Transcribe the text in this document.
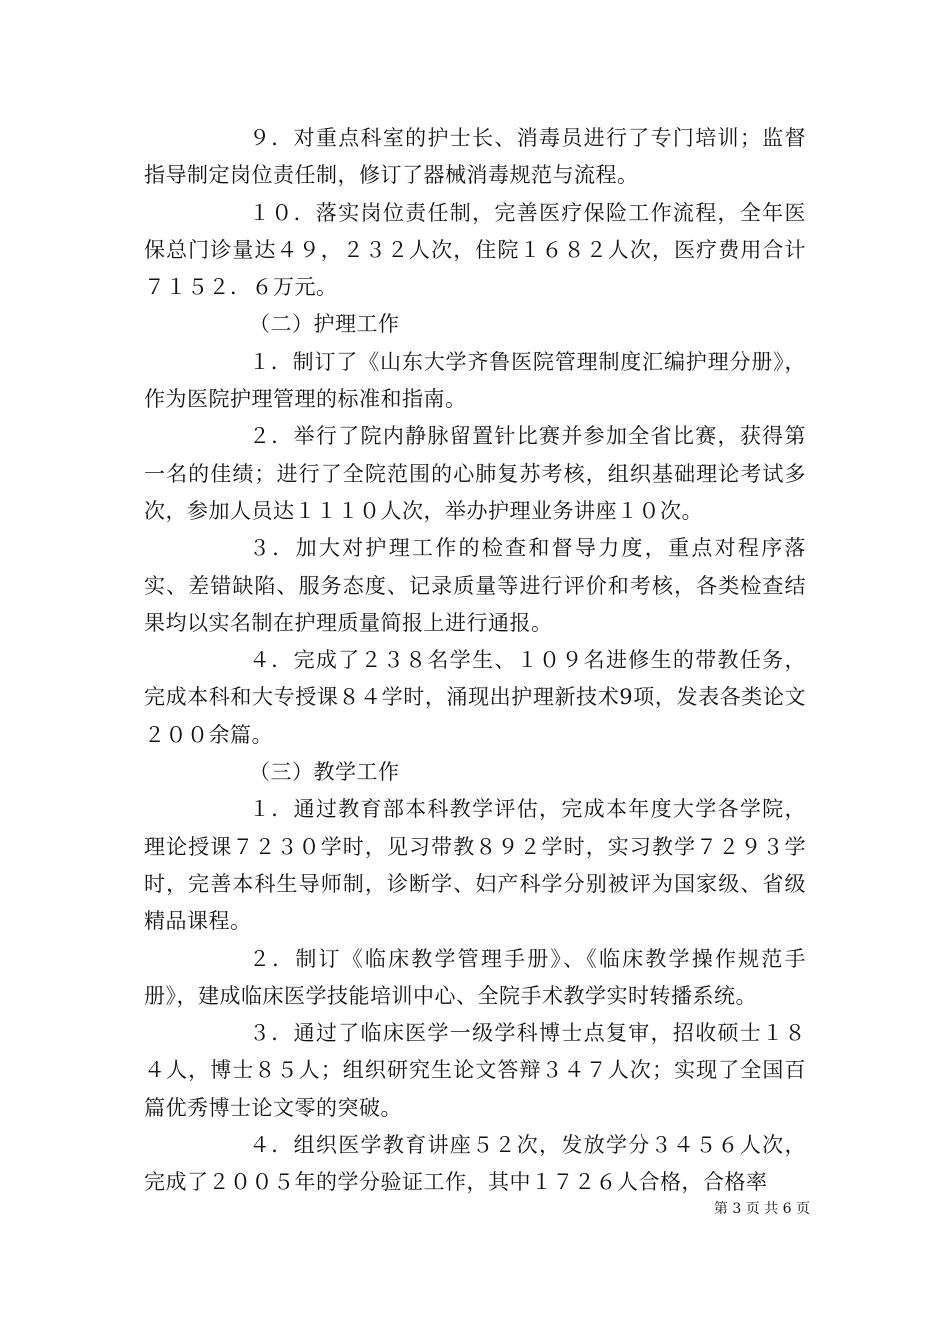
９．对重点科室的护士长、消毒员进行了专门培训；监督指导制定岗位责任制，修订了器械消毒规范与流程。

１０．落实岗位责任制，完善医疗保险工作流程，全年医保总门诊量达４９，２３２人次，住院１６８２人次，医疗费用合计７１５２．６万元。

（二）护理工作

１．制订了《山东大学齐鲁医院管理制度汇编护理分册》，作为医院护理管理的标准和指南。

２．举行了院内静脉留置针比赛并参加全省比赛，获得第一名的佳绩；进行了全院范围的心肺复苏考核，组织基础理论考试多次，参加人员达１１１０人次，举办护理业务讲座１０次。

３．加大对护理工作的检查和督导力度，重点对程序落实、差错缺陷、服务态度、记录质量等进行评价和考核，各类检查结果均以实名制在护理质量简报上进行通报。

４．完成了２３８名学生、１０９名进修生的带教任务，完成本科和大专授课８４学时，涌现出护理新技术9项，发表各类论文２００余篇。

（三）教学工作

１．通过教育部本科教学评估，完成本年度大学各学院，理论授课７２３０学时，见习带教８９２学时，实习教学７２９３学时，完善本科生导师制，诊断学、妇产科学分别被评为国家级、省级精品课程。

２．制订《临床教学管理手册》、《临床教学操作规范手册》，建成临床医学技能培训中心、全院手术教学实时转播系统。

３．通过了临床医学一级学科博士点复审，招收硕士１８４人，博士８５人；组织研究生论文答辩３４７人次；实现了全国百篇优秀博士论文零的突破。

４．组织医学教育讲座５２次，发放学分３４５６人次，完成了２００５年的学分验证工作，其中１７２６人合格，合格率

第 3 页 共 6 页
